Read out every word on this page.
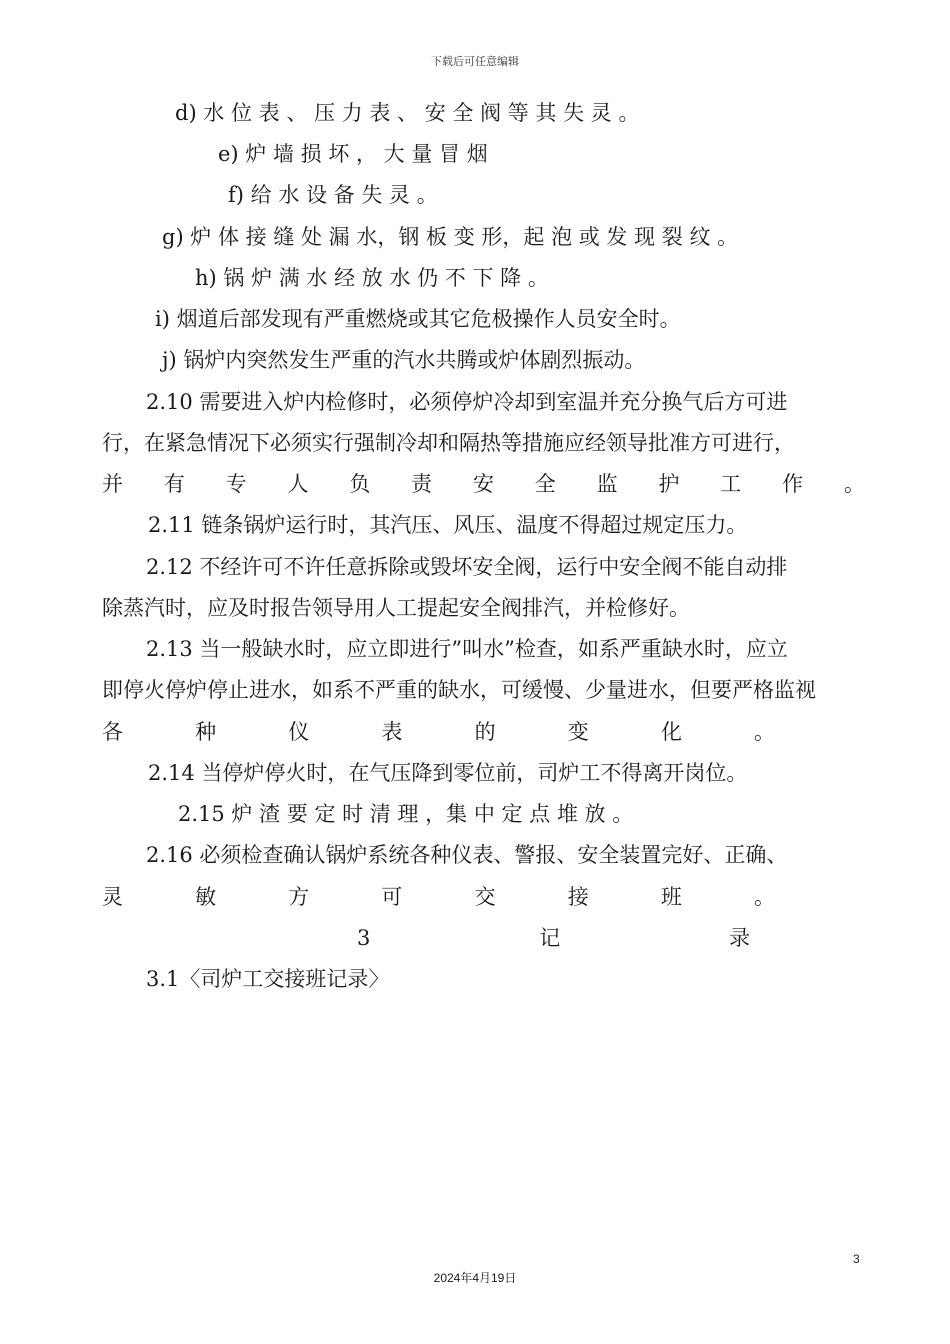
下载后可任意编辑
d) 水 位 表 、 压 力 表 、 安 全 阀 等 其 失 灵 。
e) 炉 墙 损 坏 ， 大 量 冒 烟
f) 给 水 设 备 失 灵 。
g) 炉 体 接 缝 处 漏 水，钢 板 变 形，起 泡 或 发 现 裂 纹 。
h) 锅 炉 满 水 经 放 水 仍 不 下 降 。
i) 烟道后部发现有严重燃烧或其它危极操作人员安全时。
j) 锅炉内突然发生严重的汽水共腾或炉体剧烈振动。
2.10 需要进入炉内检修时，必须停炉冷却到室温并充分换气后方可进
行，在紧急情况下必须实行强制冷却和隔热等措施应经领导批准方可进行，
并 有 专 人 负 责 安 全 监 护 工 作 。
2.11 链条锅炉运行时，其汽压、风压、温度不得超过规定压力。
2.12 不经许可不许任意拆除或毁坏安全阀，运行中安全阀不能自动排
除蒸汽时，应及时报告领导用人工提起安全阀排汽，并检修好。
2.13 当一般缺水时，应立即进行”叫水”检查，如系严重缺水时，应立
即停火停炉停止进水，如系不严重的缺水，可缓慢、少量进水，但要严格监视
各	种	仪	表	的	变	化	。
2.14 当停炉停火时，在气压降到零位前，司炉工不得离开岗位。
2.15 炉 渣 要 定 时 清 理 ，集 中 定 点 堆 放 。
2.16 必须检查确认锅炉系统各种仪表、警报、安全装置完好、正确、
灵	敏	方	可	交	接	班	。
3	记	录
3.1〈司炉工交接班记录〉
3
2024年4月19日
